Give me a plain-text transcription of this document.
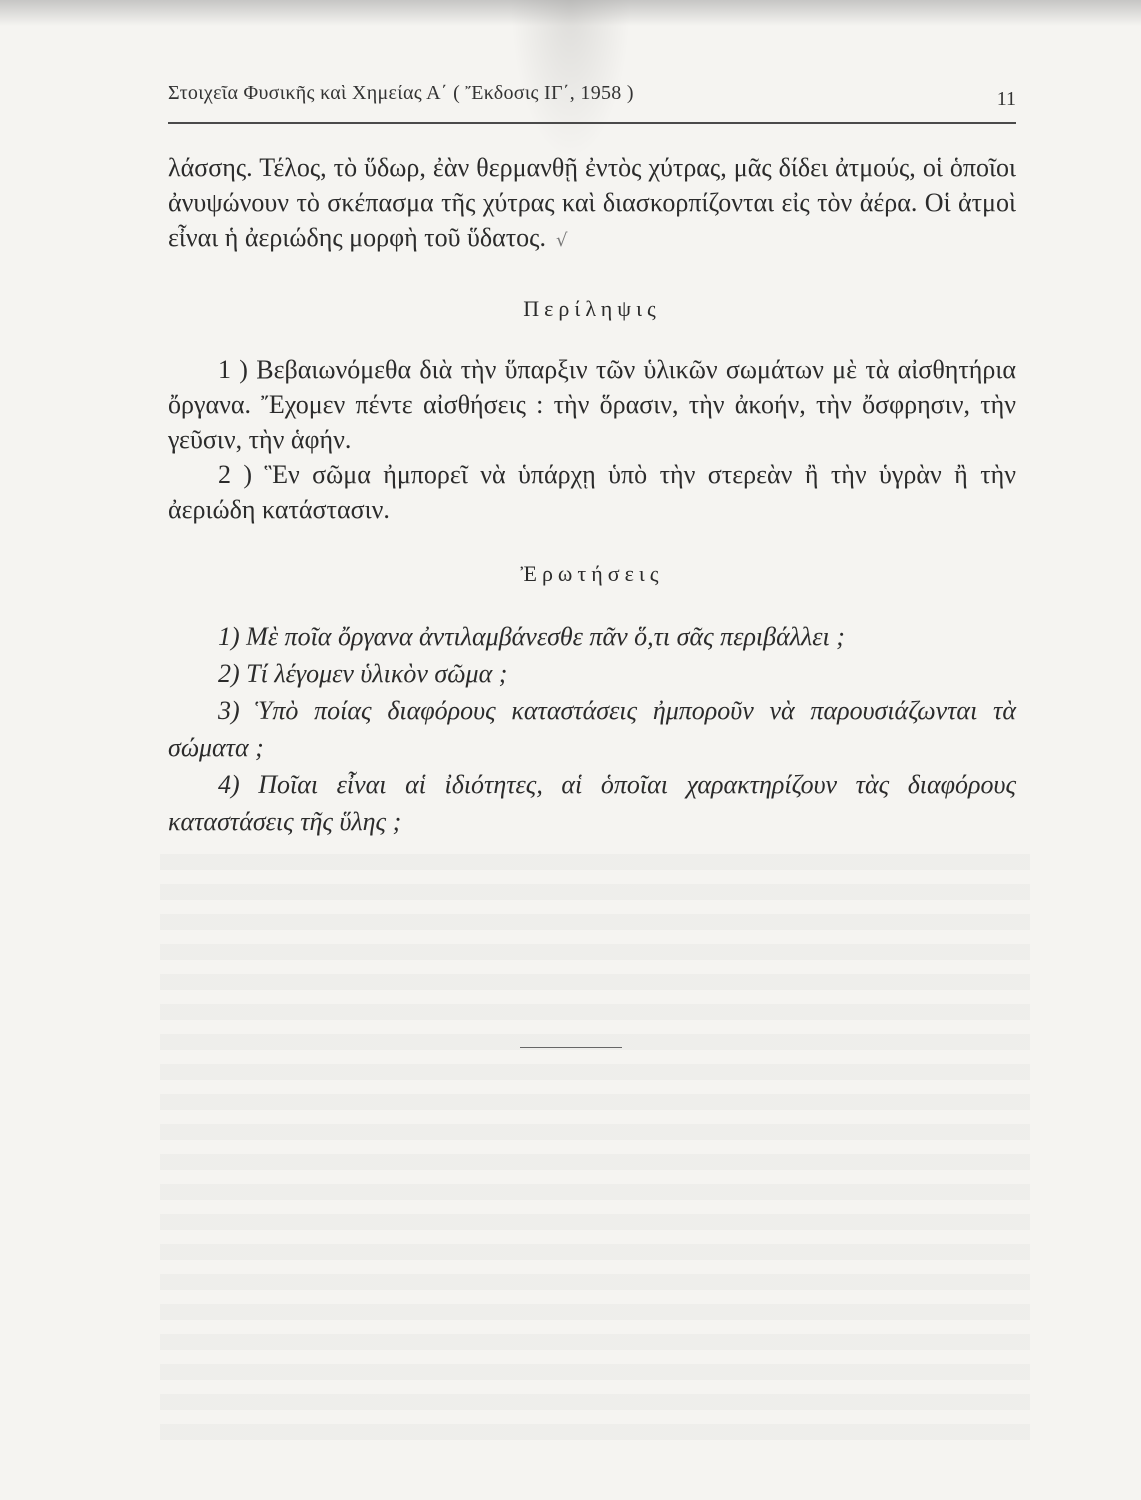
Στοιχεῖα Φυσικῆς καὶ Χημείας Α΄ ( Ἔκδοσις ΙΓ΄, 1958 )	11
λάσσης. Τέλος, τὸ ὕδωρ, ἐὰν θερμανθῇ ἐντὸς χύτρας, μᾶς δίδει ἀτμούς, οἱ ὁποῖοι ἀνυψώνουν τὸ σκέπασμα τῆς χύτρας καὶ διασκορπίζονται εἰς τὸν ἀέρα. Οἱ ἀτμοὶ εἶναι ἡ ἀεριώδης μορφὴ τοῦ ὕδατος. √
Περίληψις

1 ) Βεβαιωνόμεθα διὰ τὴν ὕπαρξιν τῶν ὑλικῶν σωμάτων μὲ τὰ αἰσθητήρια ὄργανα. Ἔχομεν πέντε αἰσθήσεις : τὴν ὅρασιν, τὴν ἀκοήν, τὴν ὄσφρησιν, τὴν γεῦσιν, τὴν ἁφήν.

2 ) Ἓν σῶμα ἠμπορεῖ νὰ ὑπάρχῃ ὑπὸ τὴν στερεὰν ἢ τὴν ὑγρὰν ἢ τὴν ἀεριώδη κατάστασιν.

Ἐρωτήσεις

1) Μὲ ποῖα ὄργανα ἀντιλαμβάνεσθε πᾶν ὅ,τι σᾶς περιβάλλει ;

2) Τί λέγομεν ὑλικὸν σῶμα ;

3) Ὑπὸ ποίας διαφόρους καταστάσεις ἠμποροῦν νὰ παρουσιάζωνται τὰ σώματα ;

4) Ποῖαι εἶναι αἱ ἰδιότητες, αἱ ὁποῖαι χαρακτηρίζουν τὰς διαφόρους καταστάσεις τῆς ὕλης ;
